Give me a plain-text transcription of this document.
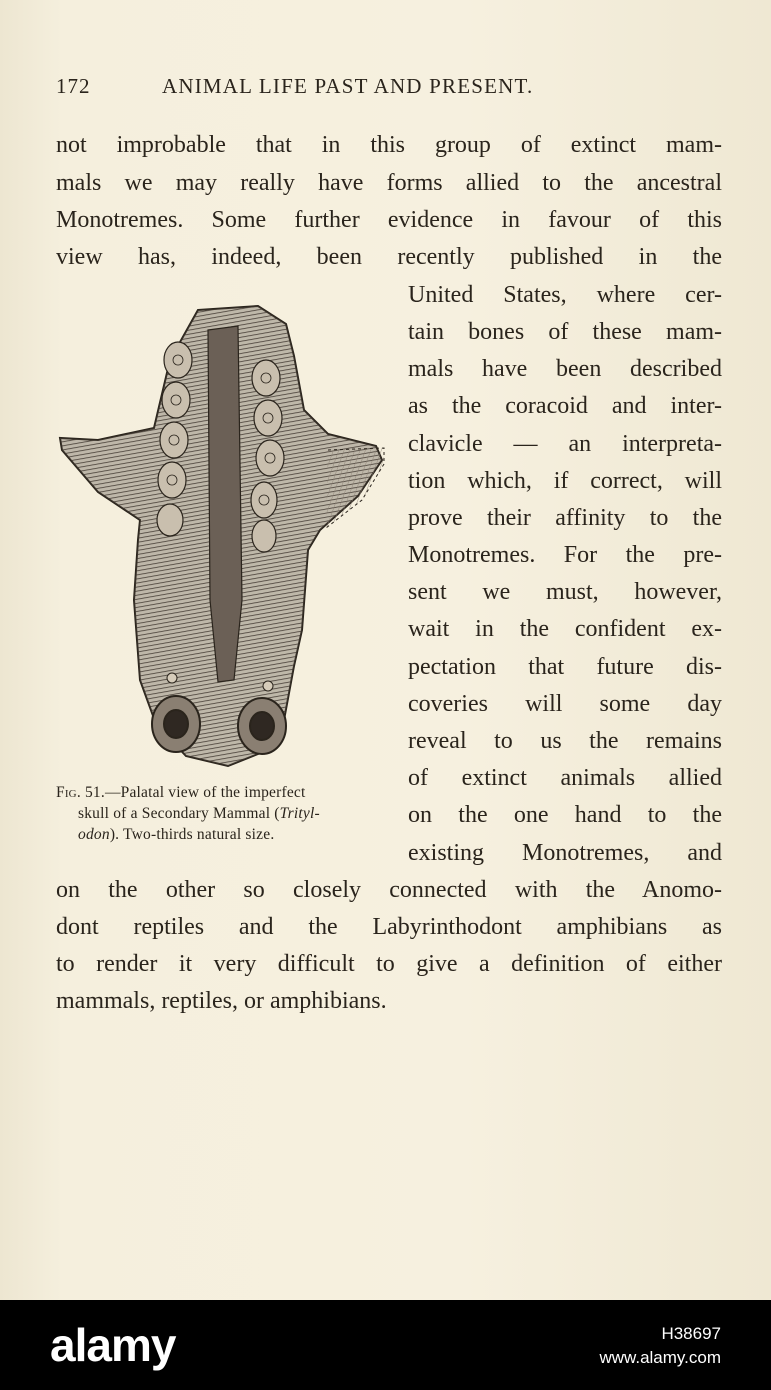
172	ANIMAL LIFE PAST AND PRESENT.
not improbable that in this group of extinct mam-
mals we may really have forms allied to the ancestral
Monotremes. Some further evidence in favour of this
view has, indeed, been recently published in the
United States, where cer-
tain bones of these mam-
mals have been described
as the coracoid and inter-
clavicle — an interpreta-
tion which, if correct, will
prove their affinity to the
Monotremes. For the pre-
sent we must, however,
wait in the confident ex-
pectation that future dis-
coveries will some day
reveal to us the remains
of extinct animals allied
on the one hand to the
existing Monotremes, and
on the other so closely connected with the Anomo-
dont reptiles and the Labyrinthodont amphibians as
to render it very difficult to give a definition of either
mammals, reptiles, or amphibians.
Fig. 51.—Palatal view of the imperfect
skull of a Secondary Mammal (Trityl-
odon). Two-thirds natural size.
alamy	H38697
www.alamy.com
